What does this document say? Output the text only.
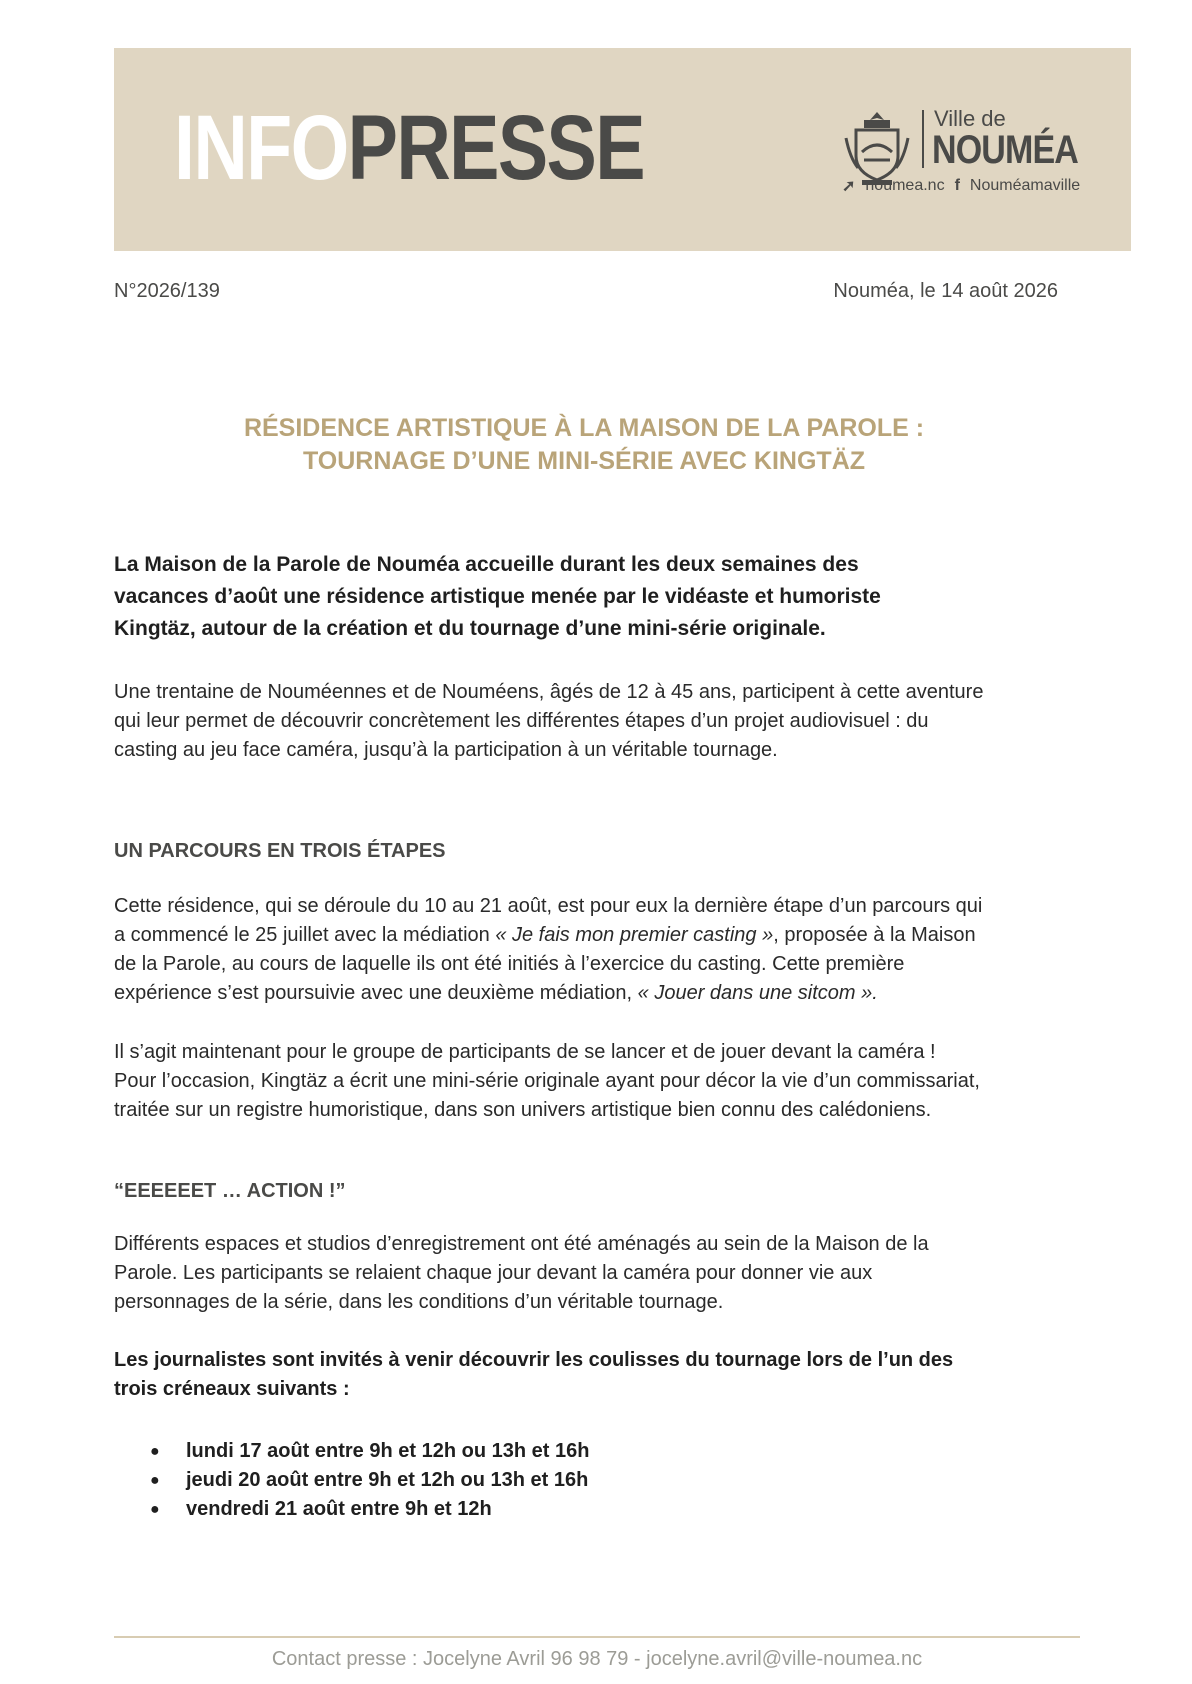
INFOPRESSE	Ville de
NOUMÉA
➚ noumea.nc f Nouméamaville
N°2026/139	Nouméa, le 14 août 2026
RÉSIDENCE ARTISTIQUE À LA MAISON DE LA PAROLE :
TOURNAGE D’UNE MINI-SÉRIE AVEC KINGTÄZ
La Maison de la Parole de Nouméa accueille durant les deux semaines des
vacances d’août une résidence artistique menée par le vidéaste et humoriste
Kingtäz, autour de la création et du tournage d’une mini-série originale.
Une trentaine de Nouméennes et de Nouméens, âgés de 12 à 45 ans, participent à cette aventure
qui leur permet de découvrir concrètement les différentes étapes d’un projet audiovisuel : du
casting au jeu face caméra, jusqu’à la participation à un véritable tournage.
UN PARCOURS EN TROIS ÉTAPES
Cette résidence, qui se déroule du 10 au 21 août, est pour eux la dernière étape d’un parcours qui
a commencé le 25 juillet avec la médiation « Je fais mon premier casting », proposée à la Maison
de la Parole, au cours de laquelle ils ont été initiés à l’exercice du casting. Cette première
expérience s’est poursuivie avec une deuxième médiation, « Jouer dans une sitcom ».
Il s’agit maintenant pour le groupe de participants de se lancer et de jouer devant la caméra !
Pour l’occasion, Kingtäz a écrit une mini-série originale ayant pour décor la vie d’un commissariat,
traitée sur un registre humoristique, dans son univers artistique bien connu des calédoniens.
“EEEEEET … ACTION !”
Différents espaces et studios d’enregistrement ont été aménagés au sein de la Maison de la
Parole. Les participants se relaient chaque jour devant la caméra pour donner vie aux
personnages de la série, dans les conditions d’un véritable tournage.
Les journalistes sont invités à venir découvrir les coulisses du tournage lors de l’un des
trois créneaux suivants :
●	lundi 17 août entre 9h et 12h ou 13h et 16h
●	jeudi 20 août entre 9h et 12h ou 13h et 16h
●	vendredi 21 août entre 9h et 12h
Contact presse : Jocelyne Avril 96 98 79 - jocelyne.avril@ville-noumea.nc
